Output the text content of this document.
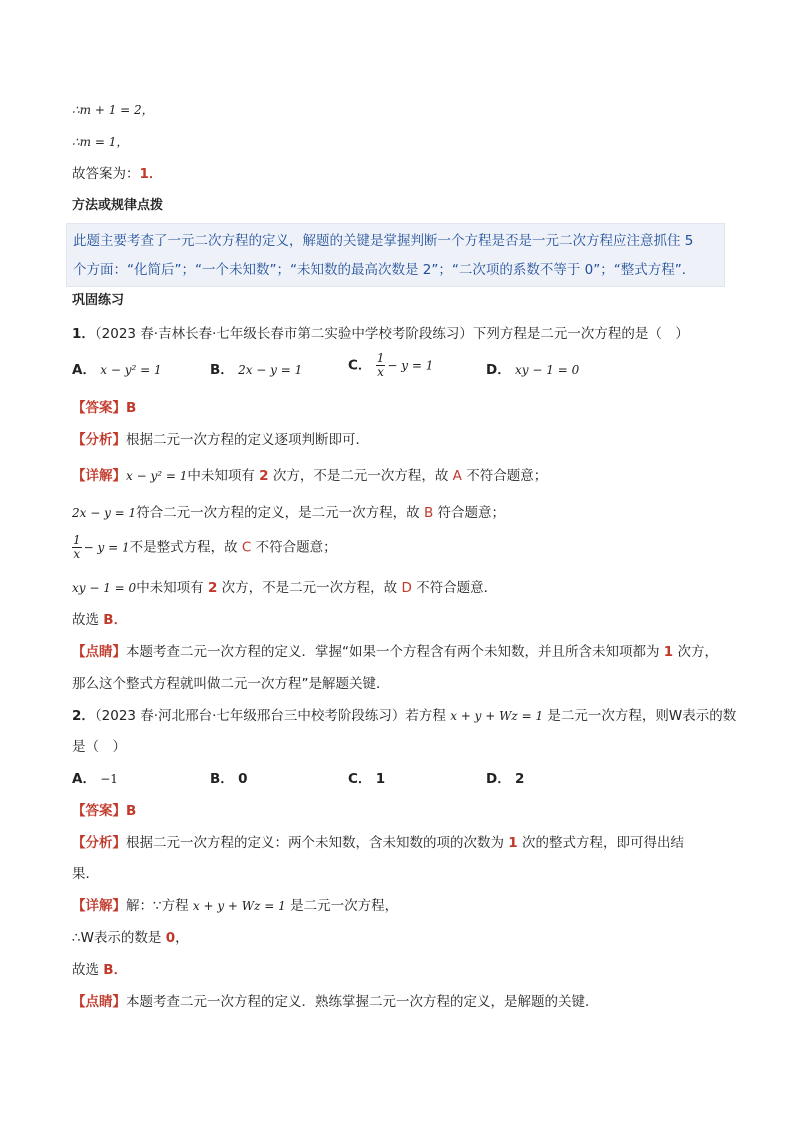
∴m + 1 = 2，
∴m = 1，
故答案为：1．
方法或规律点拨
此题主要考查了一元二次方程的定义，解题的关键是掌握判断一个方程是否是一元二次方程应注意抓住 5
个方面：“化简后”；“一个未知数”；“未知数的最高次数是 2”；“二次项的系数不等于 0”；“整式方程”．
巩固练习
1．（2023 春·吉林长春·七年级长春市第二实验中学校考阶段练习）下列方程是二元一次方程的是（　）
A． x − y² = 1	B． 2x − y = 1	C． $\frac{1}{x} - y = 1$	D． xy − 1 = 0
【答案】B
【分析】根据二元一次方程的定义逐项判断即可．
【详解】x − y² = 1中未知项有 2 次方，不是二元一次方程，故 A 不符合题意；
2x − y = 1符合二元一次方程的定义，是二元一次方程，故 B 符合题意；
$\frac{1}{x} - y = 1$不是整式方程，故 C 不符合题意；
xy − 1 = 0中未知项有 2 次方，不是二元一次方程，故 D 不符合题意．
故选 B．
【点睛】本题考查二元一次方程的定义．掌握“如果一个方程含有两个未知数，并且所含未知项都为 1 次方，
那么这个整式方程就叫做二元一次方程”是解题关键．
2．（2023 春·河北邢台·七年级邢台三中校考阶段练习）若方程 x + y + Wz = 1 是二元一次方程，则W表示的数
是（　）
A． −1	B． 0	C． 1	D． 2
【答案】B
【分析】根据二元一次方程的定义：两个未知数，含未知数的项的次数为 1 次的整式方程，即可得出结
果．
【详解】解：∵方程 x + y + Wz = 1 是二元一次方程，
∴W表示的数是 0，
故选 B．
【点睛】本题考查二元一次方程的定义．熟练掌握二元一次方程的定义，是解题的关键．
